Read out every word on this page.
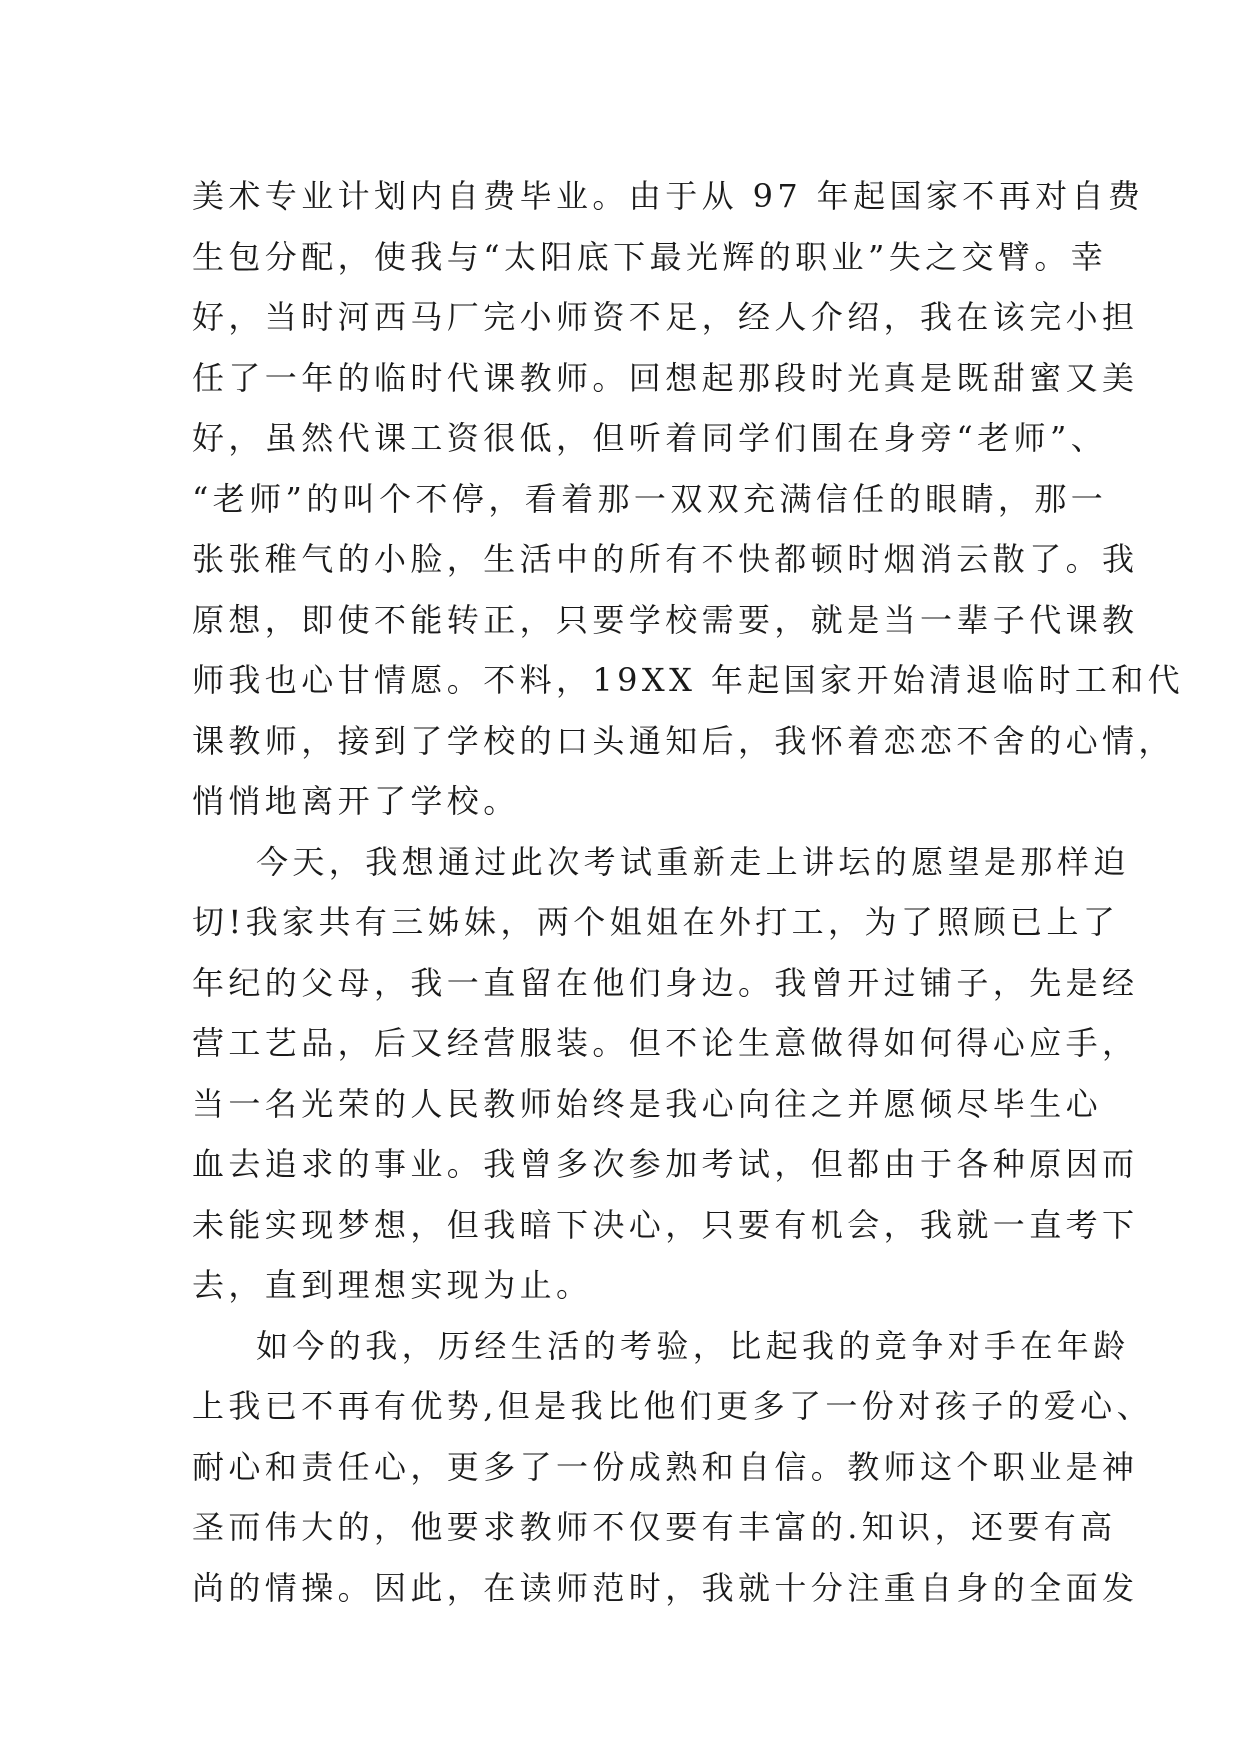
美术专业计划内自费毕业。由于从 97 年起国家不再对自费
生包分配，使我与“太阳底下最光辉的职业”失之交臂。幸
好，当时河西马厂完小师资不足，经人介绍，我在该完小担
任了一年的临时代课教师。回想起那段时光真是既甜蜜又美
好，虽然代课工资很低，但听着同学们围在身旁“老师”、
“老师”的叫个不停，看着那一双双充满信任的眼睛，那一
张张稚气的小脸，生活中的所有不快都顿时烟消云散了。我
原想，即使不能转正，只要学校需要，就是当一辈子代课教
师我也心甘情愿。不料，19XX 年起国家开始清退临时工和代
课教师，接到了学校的口头通知后，我怀着恋恋不舍的心情，
悄悄地离开了学校。
今天，我想通过此次考试重新走上讲坛的愿望是那样迫
切!我家共有三姊妹，两个姐姐在外打工，为了照顾已上了
年纪的父母，我一直留在他们身边。我曾开过铺子，先是经
营工艺品，后又经营服装。但不论生意做得如何得心应手，
当一名光荣的人民教师始终是我心向往之并愿倾尽毕生心
血去追求的事业。我曾多次参加考试，但都由于各种原因而
未能实现梦想，但我暗下决心，只要有机会，我就一直考下
去，直到理想实现为止。
如今的我，历经生活的考验，比起我的竞争对手在年龄
上我已不再有优势,但是我比他们更多了一份对孩子的爱心、
耐心和责任心，更多了一份成熟和自信。教师这个职业是神
圣而伟大的，他要求教师不仅要有丰富的.知识，还要有高
尚的情操。因此，在读师范时，我就十分注重自身的全面发
